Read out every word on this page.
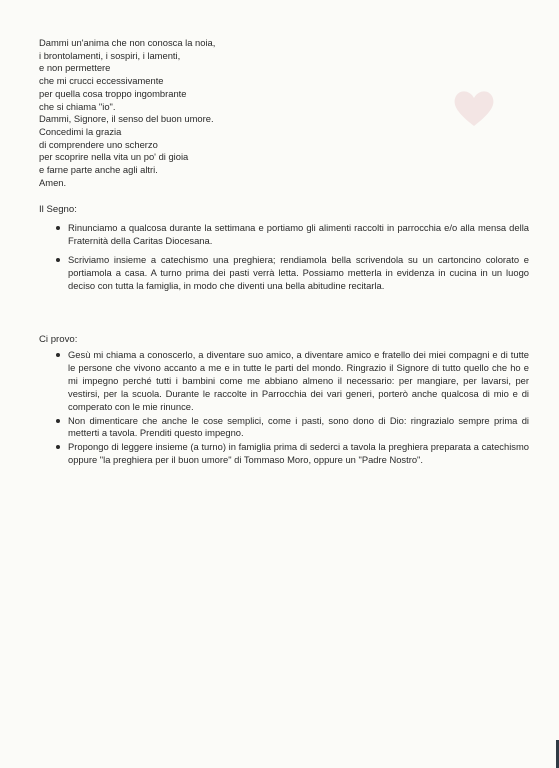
Dammi un'anima che non conosca la noia,
i brontolamenti, i sospiri, i lamenti,
e non permettere
che mi crucci eccessivamente
per quella cosa troppo ingombrante
che si chiama "io".
Dammi, Signore, il senso del buon umore.
Concedimi la grazia
di comprendere uno scherzo
per scoprire nella vita un po' di gioia
e farne parte anche agli altri.
Amen.
Il Segno:
Rinunciamo a qualcosa durante la settimana e portiamo gli alimenti raccolti in parrocchia e/o alla mensa della Fraternità della Caritas Diocesana.
Scriviamo insieme a catechismo una preghiera; rendiamola bella scrivendola su un cartoncino colorato e portiamola a casa. A turno prima dei pasti verrà letta. Possiamo metterla in evidenza in cucina in un luogo deciso con tutta la famiglia, in modo che diventi una bella abitudine recitarla.
Ci provo:
Gesù mi chiama a conoscerlo, a diventare suo amico, a diventare amico e fratello dei miei compagni e di tutte le persone che vivono accanto a me e in tutte le parti del mondo. Ringrazio il Signore di tutto quello che ho e mi impegno perché tutti i bambini come me abbiano almeno il necessario: per mangiare, per lavarsi, per vestirsi, per la scuola. Durante le raccolte in Parrocchia dei vari generi, porterò anche qualcosa di mio e di comperato con le mie rinunce.
Non dimenticare che anche le cose semplici, come i pasti, sono dono di Dio: ringrazialo sempre prima di metterti a tavola. Prenditi questo impegno.
Propongo di leggere insieme (a turno) in famiglia prima di sederci a tavola la preghiera preparata a catechismo oppure "la preghiera per il buon umore" di Tommaso Moro, oppure un "Padre Nostro".
